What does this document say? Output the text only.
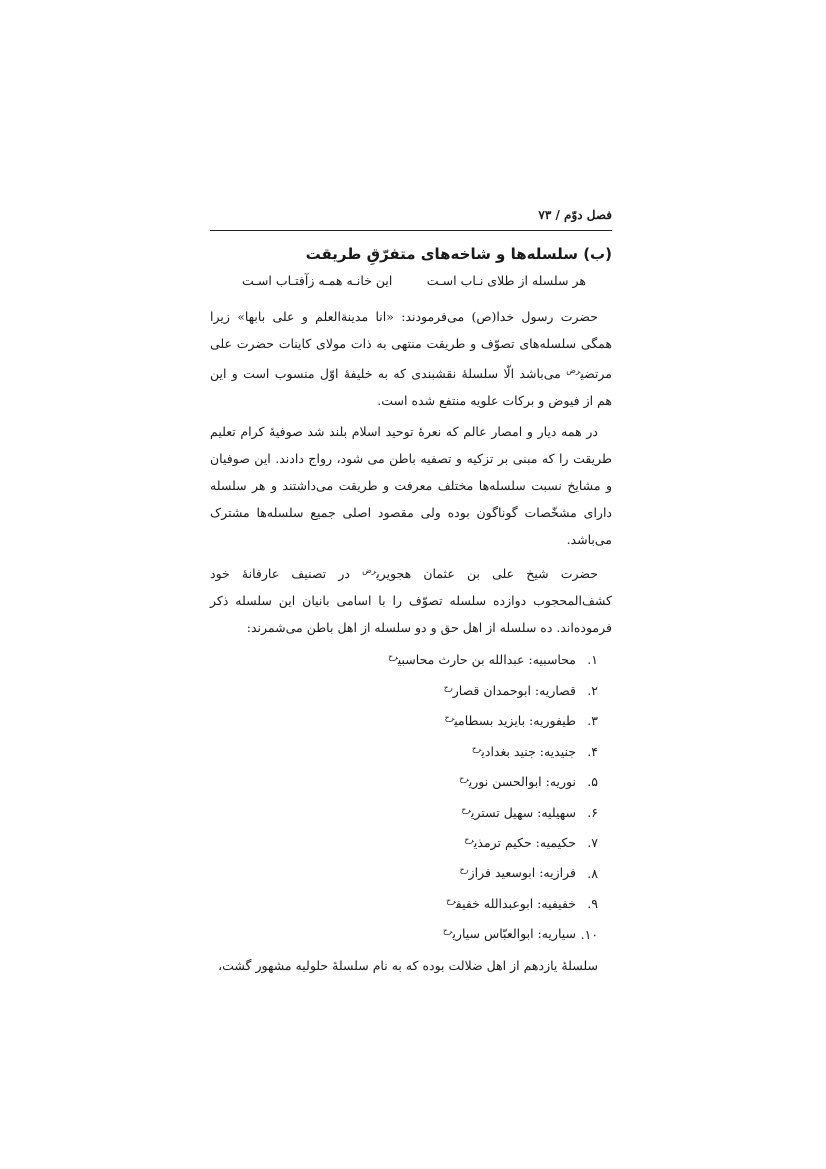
فصل دوّم / ۷۳
(ب) سلسله‌ها و شاخه‌های متفرّقِ طریقت
هر سلسله از طلای نـاب اسـت
این خانـه همـه زآفتـاب اسـت

حضرت رسول خدا(ص) می‌فرمودند: «انا مدینةالعلم و علی بابها» زیرا همگی سلسله‌های تصوّف و طریقت منتهی به ذات مولای کاینات حضرت علی مرتضی$^{رض}$ می‌باشد الّا سلسلهٔ نقشبندی که به خلیفهٔ اوّل منسوب است و این هم از فیوض و برکات علویه منتفع شده است.

در همه دیار و امصار عالم که نعرهٔ توحید اسلام بلند شد صوفیهٔ کرام تعلیم طریقت را که مبنی بر تزکیه و تصفیه باطن می شود، رواج دادند. این صوفیان و مشایخ نسبت سلسله‌ها مختلف معرفت و طریقت می‌داشتند و هر سلسله دارای مشخّصات گوناگون بوده ولی مقصود اصلی جمیع سلسله‌ها مشترک می‌باشد.

حضرت شیخ علی بن عثمان هجویری$^{رض}$ در تصنیف عارفانهٔ خود کشف‌المحجوب دوازده سلسله تصوّف را با اسامی بانیان این سلسله ذکر فرموده‌اند. ده سلسله از اهل حق و دو سلسله از اهل باطن می‌شمرند:

۱.محاسبیه: عبدالله بن حارث محاسبی$^{رح}$
۲.قصاریه: ابوحمدان قصار$^{رح}$
۳.طیفوریه: بایزید بسطامی$^{رح}$
۴.جنیدیه: جنید بغدادی$^{رح}$
۵.نوریه: ابوالحسن نوری$^{رح}$
۶.سهیلیه: سهیل تستری$^{رح}$
۷.حکیمیه: حکیم ترمذی$^{رح}$
۸.فرازیه: ابوسعید فراز$^{رح}$
۹.خفیفیه: ابوعبدالله خفیف$^{رح}$
۱۰.سیاریه: ابوالعبّاس سیاری$^{رح}$

سلسلهٔ یازدهم از اهل ضلالت بوده که به نام سلسلهٔ حلولیه مشهور گشت،
